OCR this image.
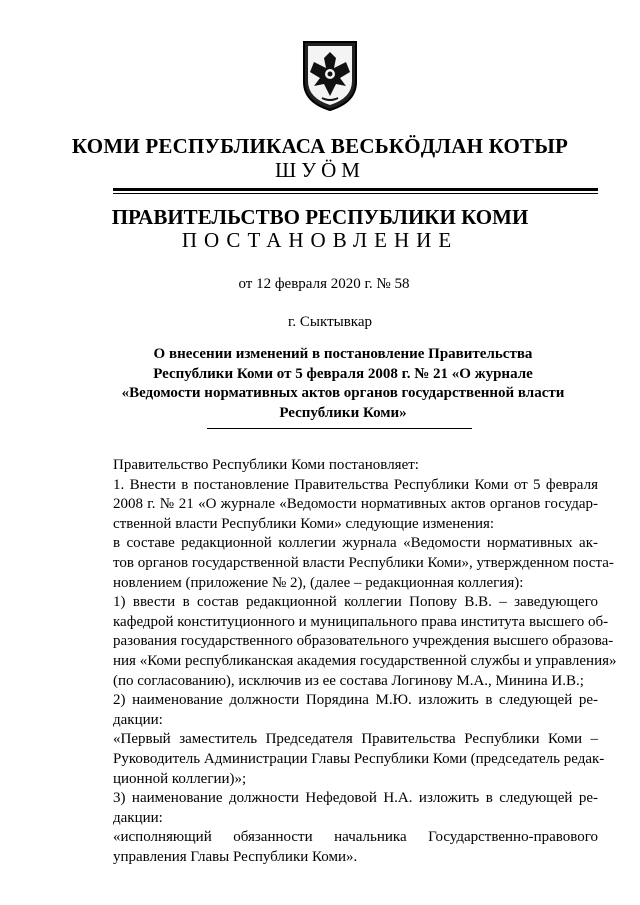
КОМИ РЕСПУБЛИКАСА ВЕСЬКÖДЛАН КОТЫР
ШУÖМ
ПРАВИТЕЛЬСТВО РЕСПУБЛИКИ КОМИ
ПОСТАНОВЛЕНИЕ
от 12 февраля 2020 г. № 58
г. Сыктывкар
О внесении изменений в постановление Правительства
Республики Коми от 5 февраля 2008 г. № 21 «О журнале
«Ведомости нормативных актов органов государственной власти
Республики Коми»
Правительство Республики Коми постановляет:
1. Внести в постановление Правительства Республики Коми от 5 февраля
2008 г. № 21 «О журнале «Ведомости нормативных актов органов государ-
ственной власти Республики Коми» следующие изменения:
в составе редакционной коллегии журнала «Ведомости нормативных ак-
тов органов государственной власти Республики Коми», утвержденном поста-
новлением (приложение № 2), (далее – редакционная коллегия):
1) ввести в состав редакционной коллегии Попову В.В. – заведующего
кафедрой конституционного и муниципального права института высшего об-
разования государственного образовательного учреждения высшего образова-
ния «Коми республиканская академия государственной службы и управления»
(по согласованию), исключив из ее состава Логинову М.А., Минина И.В.;
2) наименование должности Порядина М.Ю. изложить в следующей ре-
дакции:
«Первый заместитель Председателя Правительства Республики Коми –
Руководитель Администрации Главы Республики Коми (председатель редак-
ционной коллегии)»;
3) наименование должности Нефедовой Н.А. изложить в следующей ре-
дакции:
«исполняющий обязанности начальника Государственно-правового
управления Главы Республики Коми».
